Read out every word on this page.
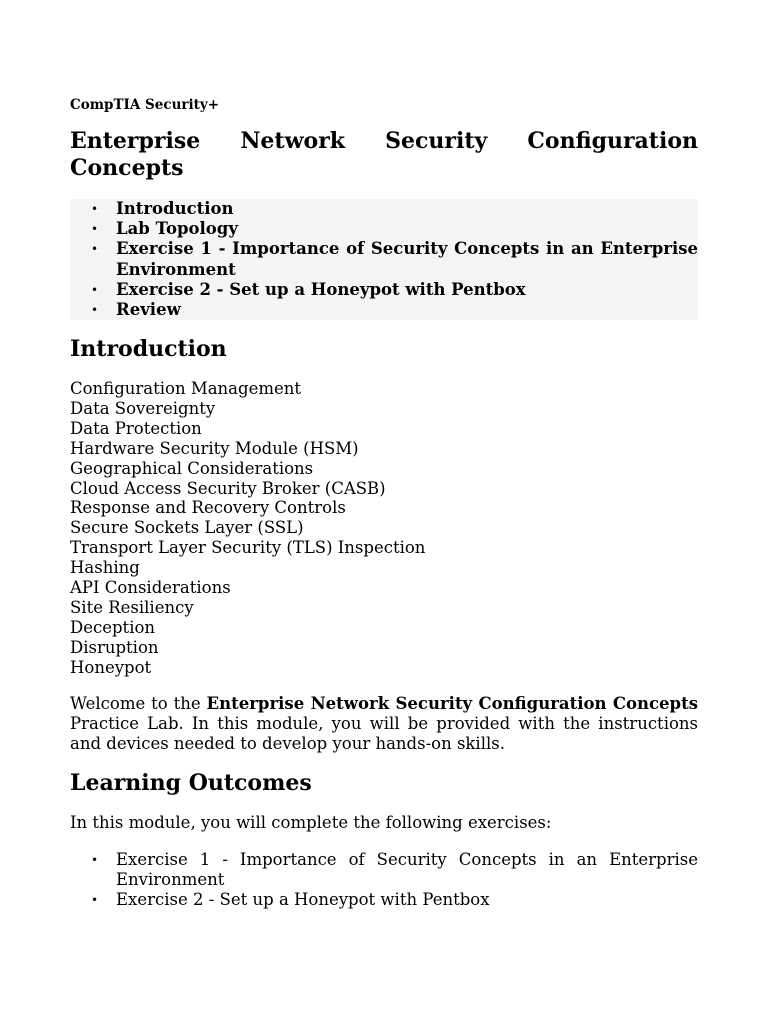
CompTIA Security+

Enterprise Network Security Configuration Concepts
• Introduction
• Lab Topology
• Exercise 1 - Importance of Security Concepts in an Enterprise Environment
• Exercise 2 - Set up a Honeypot with Pentbox
• Review
Introduction
Configuration Management
Data Sovereignty
Data Protection
Hardware Security Module (HSM)
Geographical Considerations
Cloud Access Security Broker (CASB)
Response and Recovery Controls
Secure Sockets Layer (SSL)
Transport Layer Security (TLS) Inspection
Hashing
API Considerations
Site Resiliency
Deception
Disruption
Honeypot

Welcome to the Enterprise Network Security Configuration Concepts Practice Lab. In this module, you will be provided with the instructions and devices needed to develop your hands-on skills.

Learning Outcomes

In this module, you will complete the following exercises:

• Exercise 1 - Importance of Security Concepts in an Enterprise Environment
• Exercise 2 - Set up a Honeypot with Pentbox
